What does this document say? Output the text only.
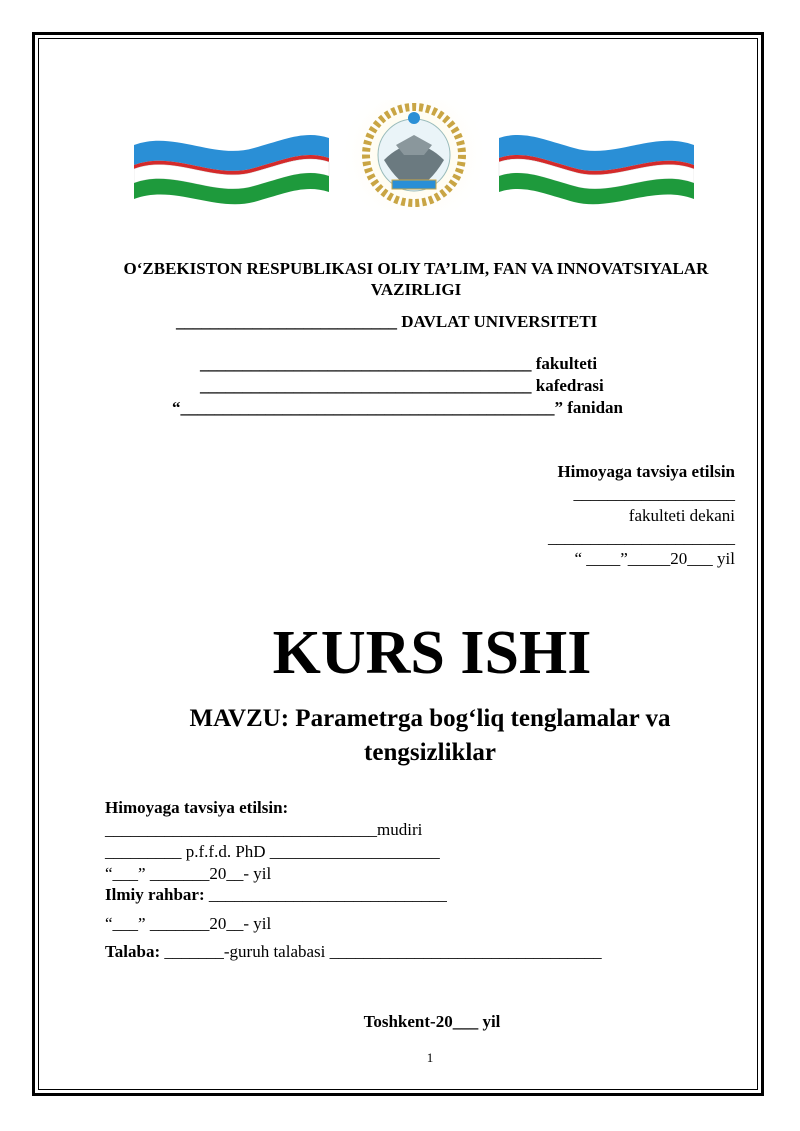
O‘ZBEKISTON RESPUBLIKASI OLIY TA’LIM, FAN VA INNOVATSIYALAR VAZIRLIGI
__________________________ DAVLAT UNIVERSITETI
_______________________________________ fakulteti
_______________________________________ kafedrasi
“____________________________________________” fanidan
Himoyaga tavsiya etilsin
___________________
fakulteti dekani
______________________
“ ____”_____20___ yil
KURS ISHI
MAVZU: Parametrga bog‘liq tenglamalar va tengsizliklar
Himoyaga tavsiya etilsin:
________________________________mudiri
_________ p.f.f.d. PhD ____________________
“___” _______20__- yil
Ilmiy rahbar: ____________________________
“___” _______20__- yil
Talaba: _______-guruh talabasi ________________________________
Toshkent-20___ yil
1
